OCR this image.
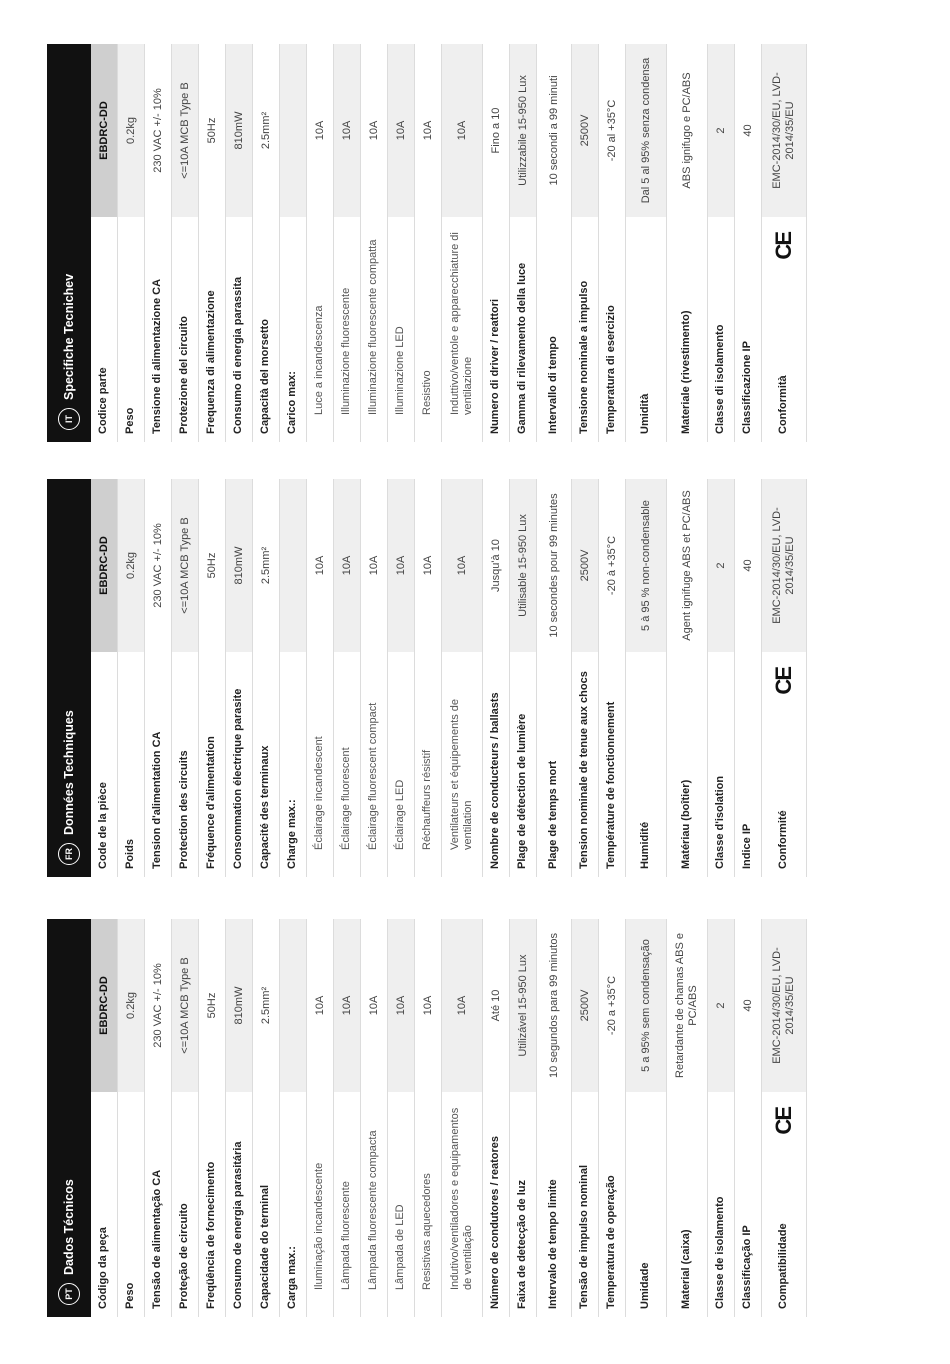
PT
Dados Técnicos Código da peça
EBDRC-DD
Peso
0.2kg
Tensão de alimentação CA
230 VAC +/- 10%
Proteção de circuito
<=10A MCB Type B
Freqüência de fornecimento
50Hz
Consumo de energia parasitária
810mW
Capacidade do terminal
2.5mm²
Carga max.: Iluminação incandescente
10A
Lâmpada fluorescente
10A
Lâmpada fluorescente compacta
10A
Lâmpada de LED
10A
Resistivas aquecedores
10A
Indutivo/ventiladores e equipamentos de ventilação
10A
Número de condutores / reatores
Até 10
Faixa de detecção de luz
Utilizável 15-950 Lux
Intervalo de tempo limite
10 segundos para 99 minutos
Tensão de impulso nominal
2500V
Temperatura de operação
-20 a +35°C
Umidade
5 a 95% sem condensação
Material (caixa)
Retardante de chamas ABS e PC/ABS
Classe de isolamento
2
Classificação IP
40
Compatibilidade
CE
EMC-2014/30/EU, LVD-2014/35/EU
FR
Données Techniques Code de la pièce
EBDRC-DD
Poids
0.2kg
Tension d'alimentation CA
230 VAC +/- 10%
Protection des circuits
<=10A MCB Type B
Fréquence d'alimentation
50Hz
Consommation électrique parasite
810mW
Capacité des terminaux
2.5mm²
Charge max.: Éclairage incandescent
10A
Éclairage fluorescent
10A
Éclairage fluorescent compact
10A
Éclairage LED
10A
Réchauffeurs résistif
10A
Ventilateurs et équipements de ventilation
10A
Nombre de conducteurs / ballasts
Jusqu'à 10
Plage de détection de lumière
Utilisable 15-950 Lux
Plage de temps mort
10 secondes pour 99 minutes
Tension nominale de tenue aux chocs
2500V
Température de fonctionnement
-20 à +35°C
Humidité
5 à 95 % non-condensable
Matériau (boîtier)
Agent ignifuge ABS et PC/ABS
Classe d'isolation
2
Indice IP
40
Conformité
CE
EMC-2014/30/EU, LVD-2014/35/EU
IT
Specifiche Tecnichev
Codice parte
EBDRC-DD
Peso
0.2kg
Tensione di alimentazione CA
230 VAC +/- 10%
Protezione del circuito
<=10A MCB Type B
Frequenza di alimentazione
50Hz
Consumo di energia parassita
810mW
Capacità del morsetto
2.5mm²
Carico max: Luce a incandescenza
10A
Illuminazione fluorescente
10A
Illuminazione fluorescente compatta
10A
Illuminazione LED
10A
Resistivo
10A
Induttivo/ventole e apparecchiature di ventilazione
10A
Numero di driver / reattori
Fino a 10
Gamma di rilevamento della luce
Utilizzabile 15-950 Lux
Intervallo di tempo
10 secondi a 99 minuti
Tensione nominale a impulso
2500V
Temperatura di esercizio
-20 al +35°C
Umidità
Dal 5 al 95% senza condensa
Materiale (rivestimento)
ABS ignifugo e PC/ABS
Classe di isolamento
2
Classificazione IP
40
Conformità
CE
EMC-2014/30/EU, LVD-2014/35/EU
